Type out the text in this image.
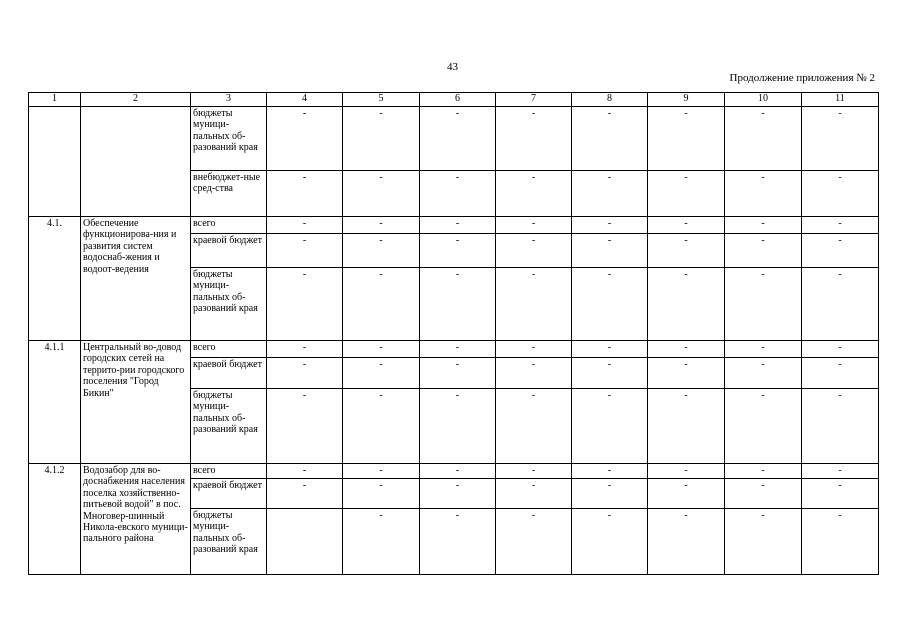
43
Продолжение приложения № 2
1	2	3	4	5	6	7	8	9	10	11
		бюджеты муници-пальных об-разований края	-	-	-	-	-	-	-	-
		внебюджет-ные сред-ства	-	-	-	-	-	-	-	-
4.1.	Обеспечение функционирова-ния и развития систем водоснаб-жения и водоот-ведения	всего	-	-	-	-	-	-	-	-
		краевой бюджет	-	-	-	-	-	-	-	-
		бюджеты муници-пальных об-разований края	-	-	-	-	-	-	-	-
4.1.1	Центральный во-довод городских сетей на террито-рии городского поселения "Город Бикин"	всего	-	-	-	-	-	-	-	-
		краевой бюджет	-	-	-	-	-	-	-	-
		бюджеты муници-пальных об-разований края	-	-	-	-	-	-	-	-
4.1.2	Водозабор для во-доснабжения населения поселка хозяйственно-питьевой водой" в пос. Многовер-шинный Никола-евского муници-пального района	всего	-	-	-	-	-	-	-	-
		краевой бюджет	-	-	-	-	-	-	-	-
		бюджеты муници-пальных об-разований края		-	-	-	-	-	-	-
